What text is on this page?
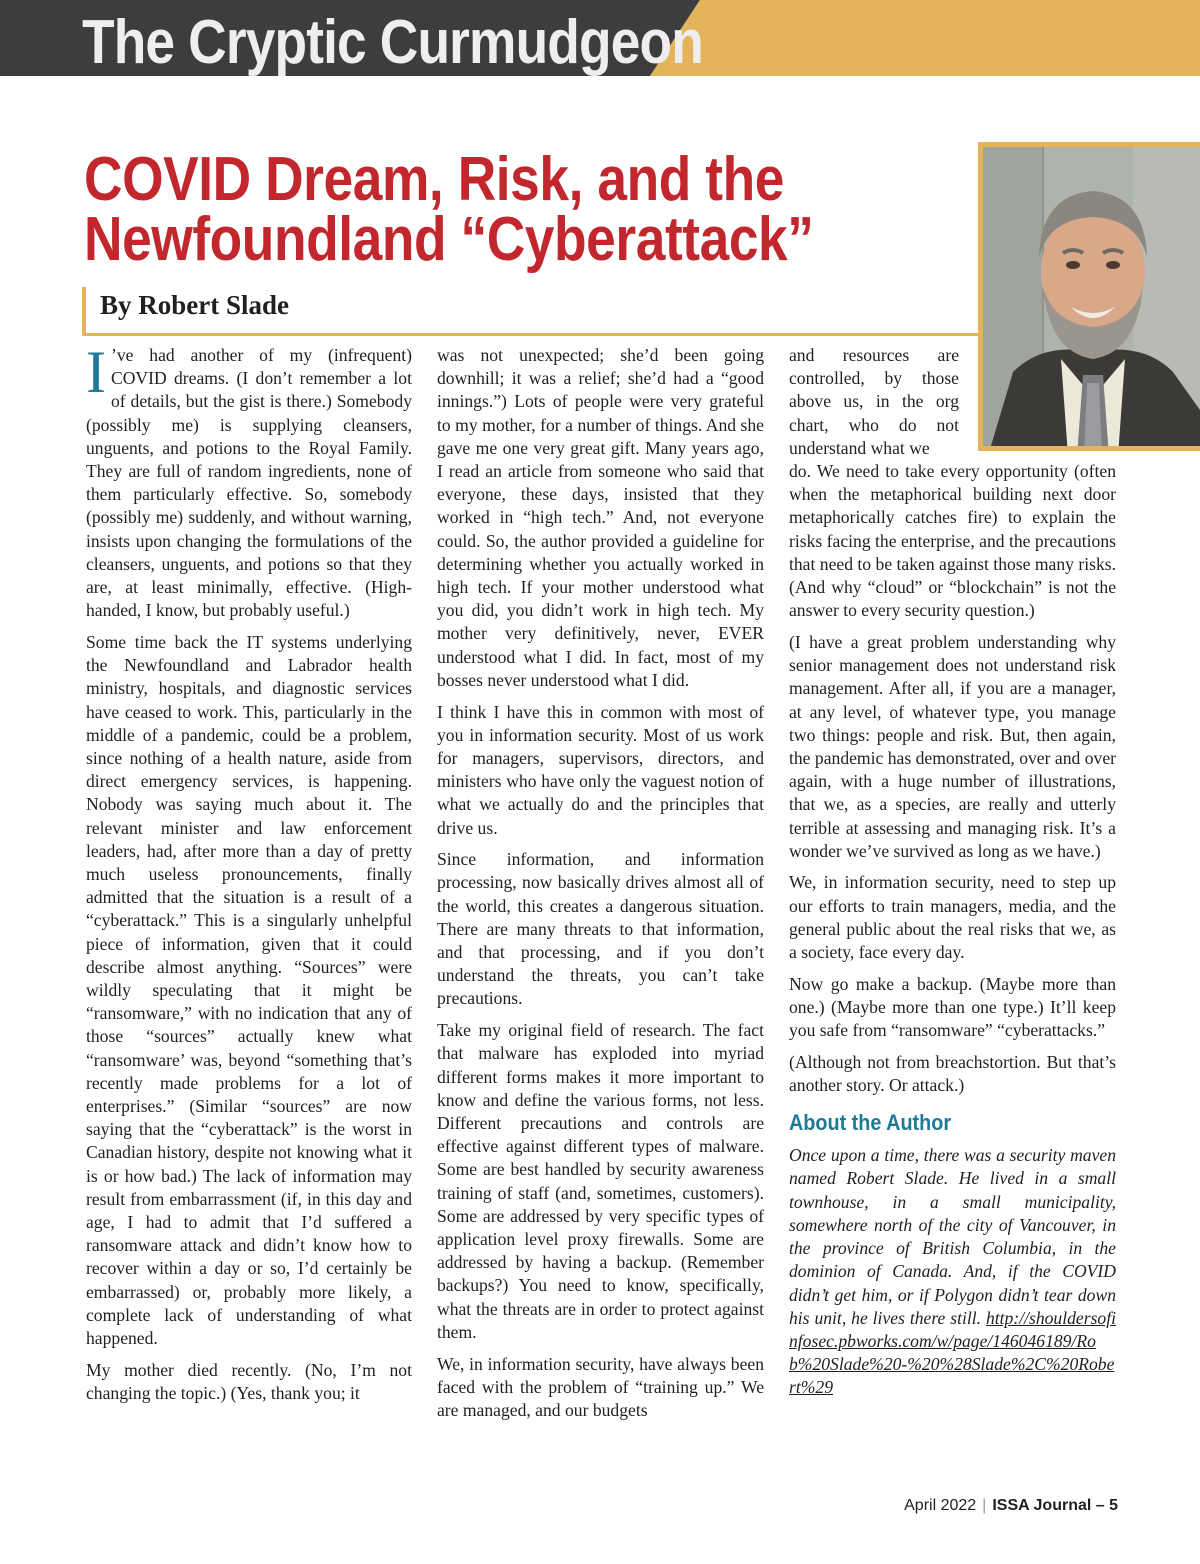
The Cryptic Curmudgeon
COVID Dream, Risk, and the Newfoundland “Cyberattack”
By Robert Slade

I ’ve had another of my (infrequent) COVID dreams. (I don’t remember a lot of details, but the gist is there.) Somebody (possibly me) is supplying cleansers, unguents, and potions to the Royal Family. They are full of random ingredients, none of them particularly effective. So, somebody (possibly me) suddenly, and without warning, insists upon changing the formulations of the cleansers, unguents, and potions so that they are, at least minimally, effective. (High-handed, I know, but probably useful.)

Some time back the IT systems underlying the Newfoundland and Labrador health ministry, hospitals, and diagnostic services have ceased to work. This, particularly in the middle of a pandemic, could be a problem, since nothing of a health nature, aside from direct emergency services, is happening. Nobody was saying much about it. The relevant minister and law enforcement leaders, had, after more than a day of pretty much useless pronouncements, finally admitted that the situation is a result of a “cyberattack.” This is a singularly unhelpful piece of information, given that it could describe almost anything. “Sources” were wildly speculating that it might be “ransomware,” with no indication that any of those “sources” actually knew what “ransomware’ was, beyond “something that’s recently made problems for a lot of enterprises.” (Similar “sources” are now saying that the “cyberattack” is the worst in Canadian history, despite not knowing what it is or how bad.) The lack of information may result from embarrassment (if, in this day and age, I had to admit that I’d suffered a ransomware attack and didn’t know how to recover within a day or so, I’d certainly be embarrassed) or, probably more likely, a complete lack of understanding of what happened.

My mother died recently. (No, I’m not changing the topic.) (Yes, thank you; it

was not unexpected; she’d been going downhill; it was a relief; she’d had a “good innings.”) Lots of people were very grateful to my mother, for a number of things. And she gave me one very great gift. Many years ago, I read an article from someone who said that everyone, these days, insisted that they worked in “high tech.” And, not everyone could. So, the author provided a guideline for determining whether you actually worked in high tech. If your mother understood what you did, you didn’t work in high tech. My mother very definitively, never, EVER understood what I did. In fact, most of my bosses never understood what I did.

I think I have this in common with most of you in information security. Most of us work for managers, supervisors, directors, and ministers who have only the vaguest notion of what we actually do and the principles that drive us.

Since information, and information processing, now basically drives almost all of the world, this creates a dangerous situation. There are many threats to that information, and that processing, and if you don’t understand the threats, you can’t take precautions.

Take my original field of research. The fact that malware has exploded into myriad different forms makes it more important to know and define the various forms, not less. Different precautions and controls are effective against different types of malware. Some are best handled by security awareness training of staff (and, sometimes, customers). Some are addressed by very specific types of application level proxy firewalls. Some are addressed by having a backup. (Remember backups?) You need to know, specifically, what the threats are in order to protect against them.

We, in information security, have always been faced with the problem of “training up.” We are managed, and our budgets

and resources are controlled, by those above us, in the org chart, who do not understand what we

do. We need to take every opportunity (often when the metaphorical building next door metaphorically catches fire) to explain the risks facing the enterprise, and the precautions that need to be taken against those many risks. (And why “cloud” or “blockchain” is not the answer to every security question.)

(I have a great problem understanding why senior management does not understand risk management. After all, if you are a manager, at any level, of whatever type, you manage two things: people and risk. But, then again, the pandemic has demonstrated, over and over again, with a huge number of illustrations, that we, as a species, are really and utterly terrible at assessing and managing risk. It’s a wonder we’ve survived as long as we have.)

We, in information security, need to step up our efforts to train managers, media, and the general public about the real risks that we, as a society, face every day.

Now go make a backup. (Maybe more than one.) (Maybe more than one type.) It’ll keep you safe from “ransomware” “cyberattacks.”

(Although not from breachstortion. But that’s another story. Or attack.)

About the Author

Once upon a time, there was a security maven named Robert Slade. He lived in a small townhouse, in a small municipality, somewhere north of the city of Vancouver, in the province of British Columbia, in the dominion of Canada. And, if the COVID didn’t get him, or if Polygon didn’t tear down his unit, he lives there still. http://shouldersofinfosec.pbworks.com/w/page/146046189/Rob%20Slade%20-%20%28Slade%2C%20Robert%29

April 2022 | ISSA Journal – 5
